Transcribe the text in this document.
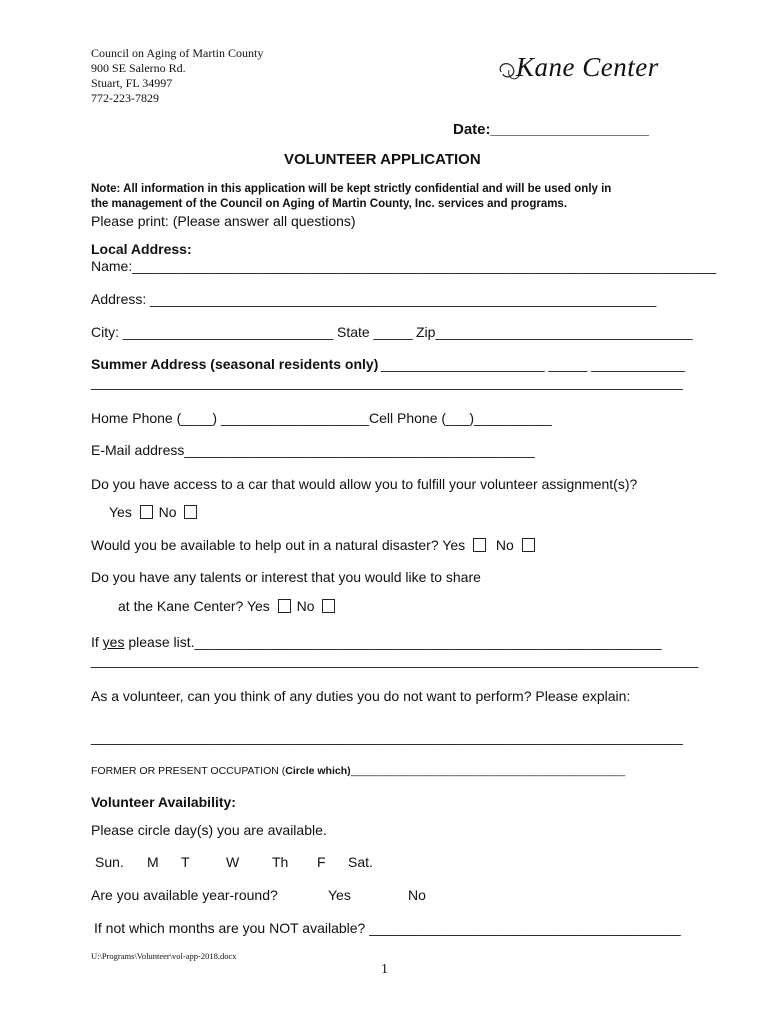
Council on Aging of Martin County
900 SE Salerno Rd.
Stuart, FL 34997
772-223-7829
Kane Center
Date:___________________
VOLUNTEER APPLICATION
Note: All information in this application will be kept strictly confidential and will be used only in
the management of the Council on Aging of Martin County, Inc. services and programs.
Please print: (Please answer all questions)
Local Address:
Name:___________________________________________________________________________
Address: _________________________________________________________________
City: ___________________________ State _____ Zip_________________________________
Summer Address (seasonal residents only) _____________________ _____ ____________
____________________________________________________________________________
Home Phone (____) ___________________ Cell Phone (___)__________
E-Mail address_____________________________________________
Do you have access to a car that would allow you to fulfill your volunteer assignment(s)?
Yes No
Would you be available to help out in a natural disaster? Yes No
Do you have any talents or interest that you would like to share
at the Kane Center? Yes No
If yes please list.____________________________________________________________
______________________________________________________________________________
As a volunteer, can you think of any duties you do not want to perform? Please explain:
____________________________________________________________________________
FORMER OR PRESENT OCCUPATION (Circle which)_______________________________________________
Volunteer Availability:
Please circle day(s) you are available.
Sun. M T	W Th F Sat.
Are you available year-round?	Yes	No
If not which months are you NOT available? ________________________________________
U:\Programs\Volunteer\vol-app-2018.docx
1
